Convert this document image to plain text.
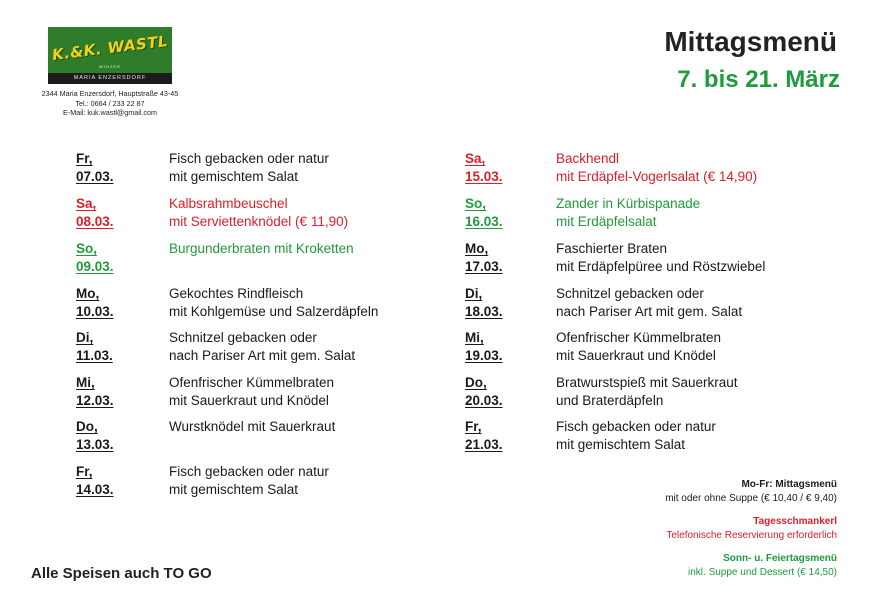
K.&K. WASTL
WINZER
MARIA ENZERSDORF
2344 Maria Enzersdorf, Hauptstraße 43-45
Tel.: 0664 / 233 22 87
E-Mail: kuk.wastl@gmail.com
Mittagsmenü
7. bis 21. März
Fr, 07.03.
Fisch gebacken oder natur
mit gemischtem Salat
Sa, 08.03.
Kalbsrahmbeuschel
mit Serviettenknödel (€ 11,90)
So, 09.03.
Burgunderbraten mit Kroketten
Mo, 10.03.
Gekochtes Rindfleisch
mit Kohlgemüse und Salzerdäpfeln
Di, 11.03.
Schnitzel gebacken oder
nach Pariser Art mit gem. Salat
Mi, 12.03.
Ofenfrischer Kümmelbraten
mit Sauerkraut und Knödel
Do, 13.03.
Wurstknödel mit Sauerkraut
Fr, 14.03.
Fisch gebacken oder natur
mit gemischtem Salat
Sa, 15.03.
Backhendl
mit Erdäpfel-Vogerlsalat (€ 14,90)
So, 16.03.
Zander in Kürbispanade
mit Erdäpfelsalat
Mo, 17.03.
Faschierter Braten
mit Erdäpfelpüree und Röstzwiebel
Di, 18.03.
Schnitzel gebacken oder
nach Pariser Art mit gem. Salat
Mi, 19.03.
Ofenfrischer Kümmelbraten
mit Sauerkraut und Knödel
Do, 20.03.
Bratwurstspieß mit Sauerkraut
und Braterdäpfeln
Fr, 21.03.
Fisch gebacken oder natur
mit gemischtem Salat
Mo-Fr: Mittagsmenü
mit oder ohne Suppe (€ 10,40 / € 9,40)
Tagesschmankerl
Telefonische Reservierung erforderlich
Sonn- u. Feiertagsmenü
inkl. Suppe und Dessert (€ 14,50)
Alle Speisen auch TO GO
